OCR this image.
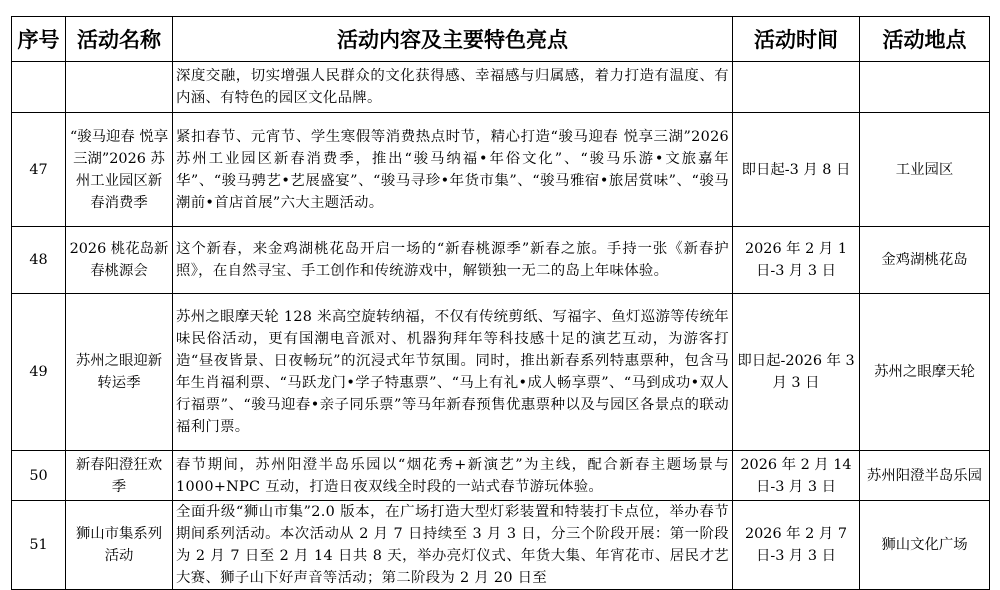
序号	活动名称	活动内容及主要特色亮点	活动时间	活动地点
		深度交融，切实增强人民群众的文化获得感、幸福感与归属感，着力打造有温度、有内涵、有特色的园区文化品牌。		
47	“骏马迎春 悦享三湖”2026 苏州工业园区新春消费季	紧扣春节、元宵节、学生寒假等消费热点时节，精心打造“骏马迎春 悦享三湖”2026 苏州工业园区新春消费季，推出“骏马纳福•年俗文化”、“骏马乐游•文旅嘉年华”、“骏马骋艺•艺展盛宴”、“骏马寻珍•年货市集”、“骏马雅宿•旅居赏味”、“骏马潮前•首店首展”六大主题活动。	即日起-3 月 8 日	工业园区
48	2026 桃花岛新春桃源会	这个新春，来金鸡湖桃花岛开启一场的“新春桃源季”新春之旅。手持一张《新春护照》，在自然寻宝、手工创作和传统游戏中，解锁独一无二的岛上年味体验。	2026 年 2 月 1 日-3 月 3 日	金鸡湖桃花岛
49	苏州之眼迎新转运季	苏州之眼摩天轮 128 米高空旋转纳福，不仅有传统剪纸、写福字、鱼灯巡游等传统年味民俗活动，更有国潮电音派对、机器狗拜年等科技感十足的演艺互动，为游客打造“昼夜皆景、日夜畅玩”的沉浸式年节氛围。同时，推出新春系列特惠票种，包含马年生肖福利票、“马跃龙门•学子特惠票”、“马上有礼•成人畅享票”、“马到成功•双人行福票”、“骏马迎春•亲子同乐票”等马年新春预售优惠票种以及与园区各景点的联动福利门票。	即日起-2026 年 3 月 3 日	苏州之眼摩天轮
50	新春阳澄狂欢季	春节期间，苏州阳澄半岛乐园以“烟花秀+新演艺”为主线，配合新春主题场景与 1000+NPC 互动，打造日夜双线全时段的一站式春节游玩体验。	2026 年 2 月 14 日-3 月 3 日	苏州阳澄半岛乐园
51	狮山市集系列活动	全面升级“狮山市集”2.0 版本，在广场打造大型灯彩装置和特装打卡点位，举办春节期间系列活动。本次活动从 2 月 7 日持续至 3 月 3 日，分三个阶段开展：第一阶段为 2 月 7 日至 2 月 14 日共 8 天，举办亮灯仪式、年货大集、年宵花市、居民才艺大赛、狮子山下好声音等活动；第二阶段为 2 月 20 日至	2026 年 2 月 7 日-3 月 3 日	狮山文化广场
